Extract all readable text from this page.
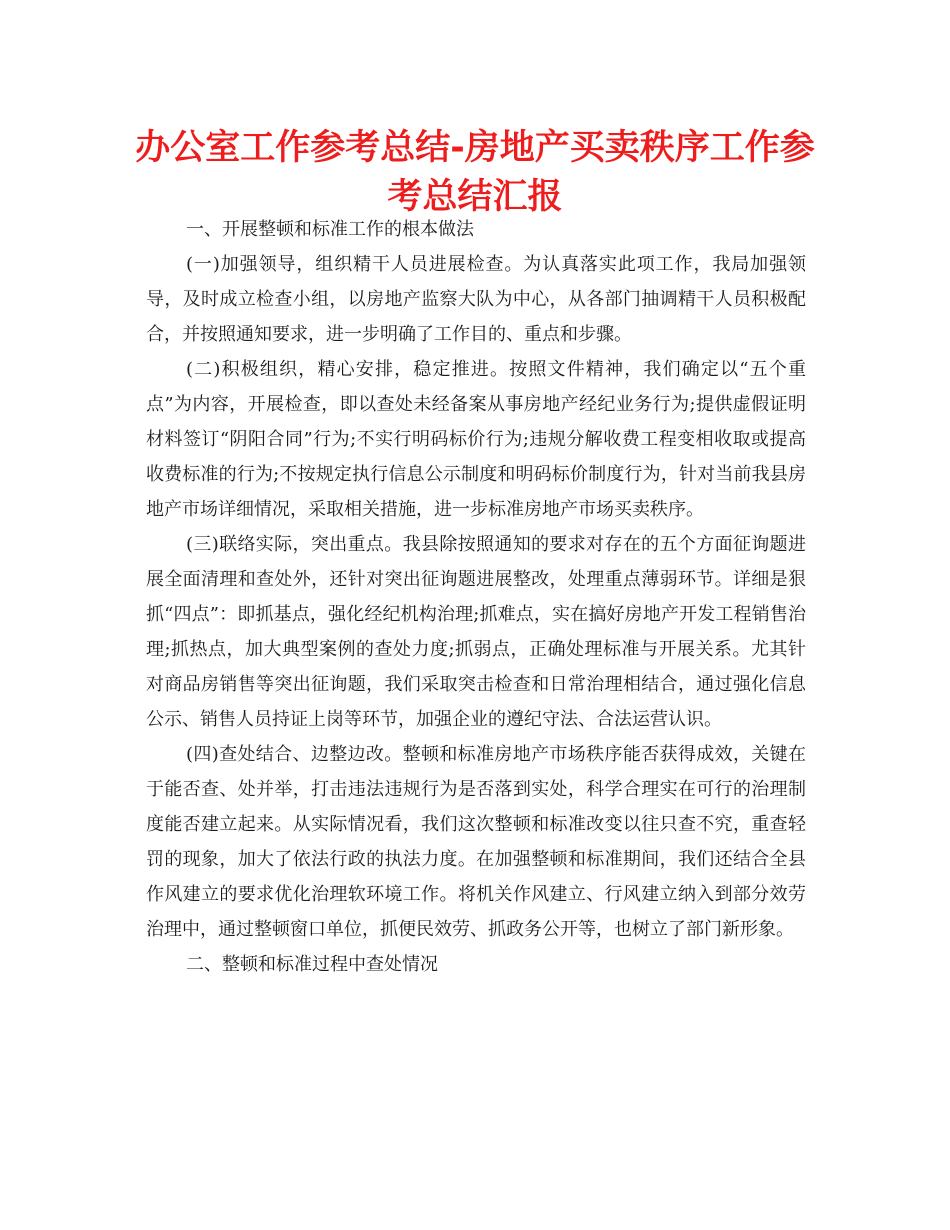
办公室工作参考总结-房地产买卖秩序工作参考总结汇报

一、开展整顿和标准工作的根本做法

(一)加强领导，组织精干人员进展检查。为认真落实此项工作，我局加强领导，及时成立检查小组，以房地产监察大队为中心，从各部门抽调精干人员积极配合，并按照通知要求，进一步明确了工作目的、重点和步骤。

(二)积极组织，精心安排，稳定推进。按照文件精神，我们确定以“五个重点”为内容，开展检查，即以查处未经备案从事房地产经纪业务行为;提供虚假证明材料签订“阴阳合同”行为;不实行明码标价行为;违规分解收费工程变相收取或提高收费标准的行为;不按规定执行信息公示制度和明码标价制度行为，针对当前我县房地产市场详细情况，采取相关措施，进一步标准房地产市场买卖秩序。

(三)联络实际，突出重点。我县除按照通知的要求对存在的五个方面征询题进展全面清理和查处外，还针对突出征询题进展整改，处理重点薄弱环节。详细是狠抓“四点”：即抓基点，强化经纪机构治理;抓难点，实在搞好房地产开发工程销售治理;抓热点，加大典型案例的查处力度;抓弱点，正确处理标准与开展关系。尤其针对商品房销售等突出征询题，我们采取突击检查和日常治理相结合，通过强化信息公示、销售人员持证上岗等环节，加强企业的遵纪守法、合法运营认识。

(四)查处结合、边整边改。整顿和标准房地产市场秩序能否获得成效，关键在于能否查、处并举，打击违法违规行为是否落到实处，科学合理实在可行的治理制度能否建立起来。从实际情况看，我们这次整顿和标准改变以往只查不究，重查轻罚的现象，加大了依法行政的执法力度。在加强整顿和标准期间，我们还结合全县作风建立的要求优化治理软环境工作。将机关作风建立、行风建立纳入到部分效劳治理中，通过整顿窗口单位，抓便民效劳、抓政务公开等，也树立了部门新形象。

二、整顿和标准过程中查处情况
